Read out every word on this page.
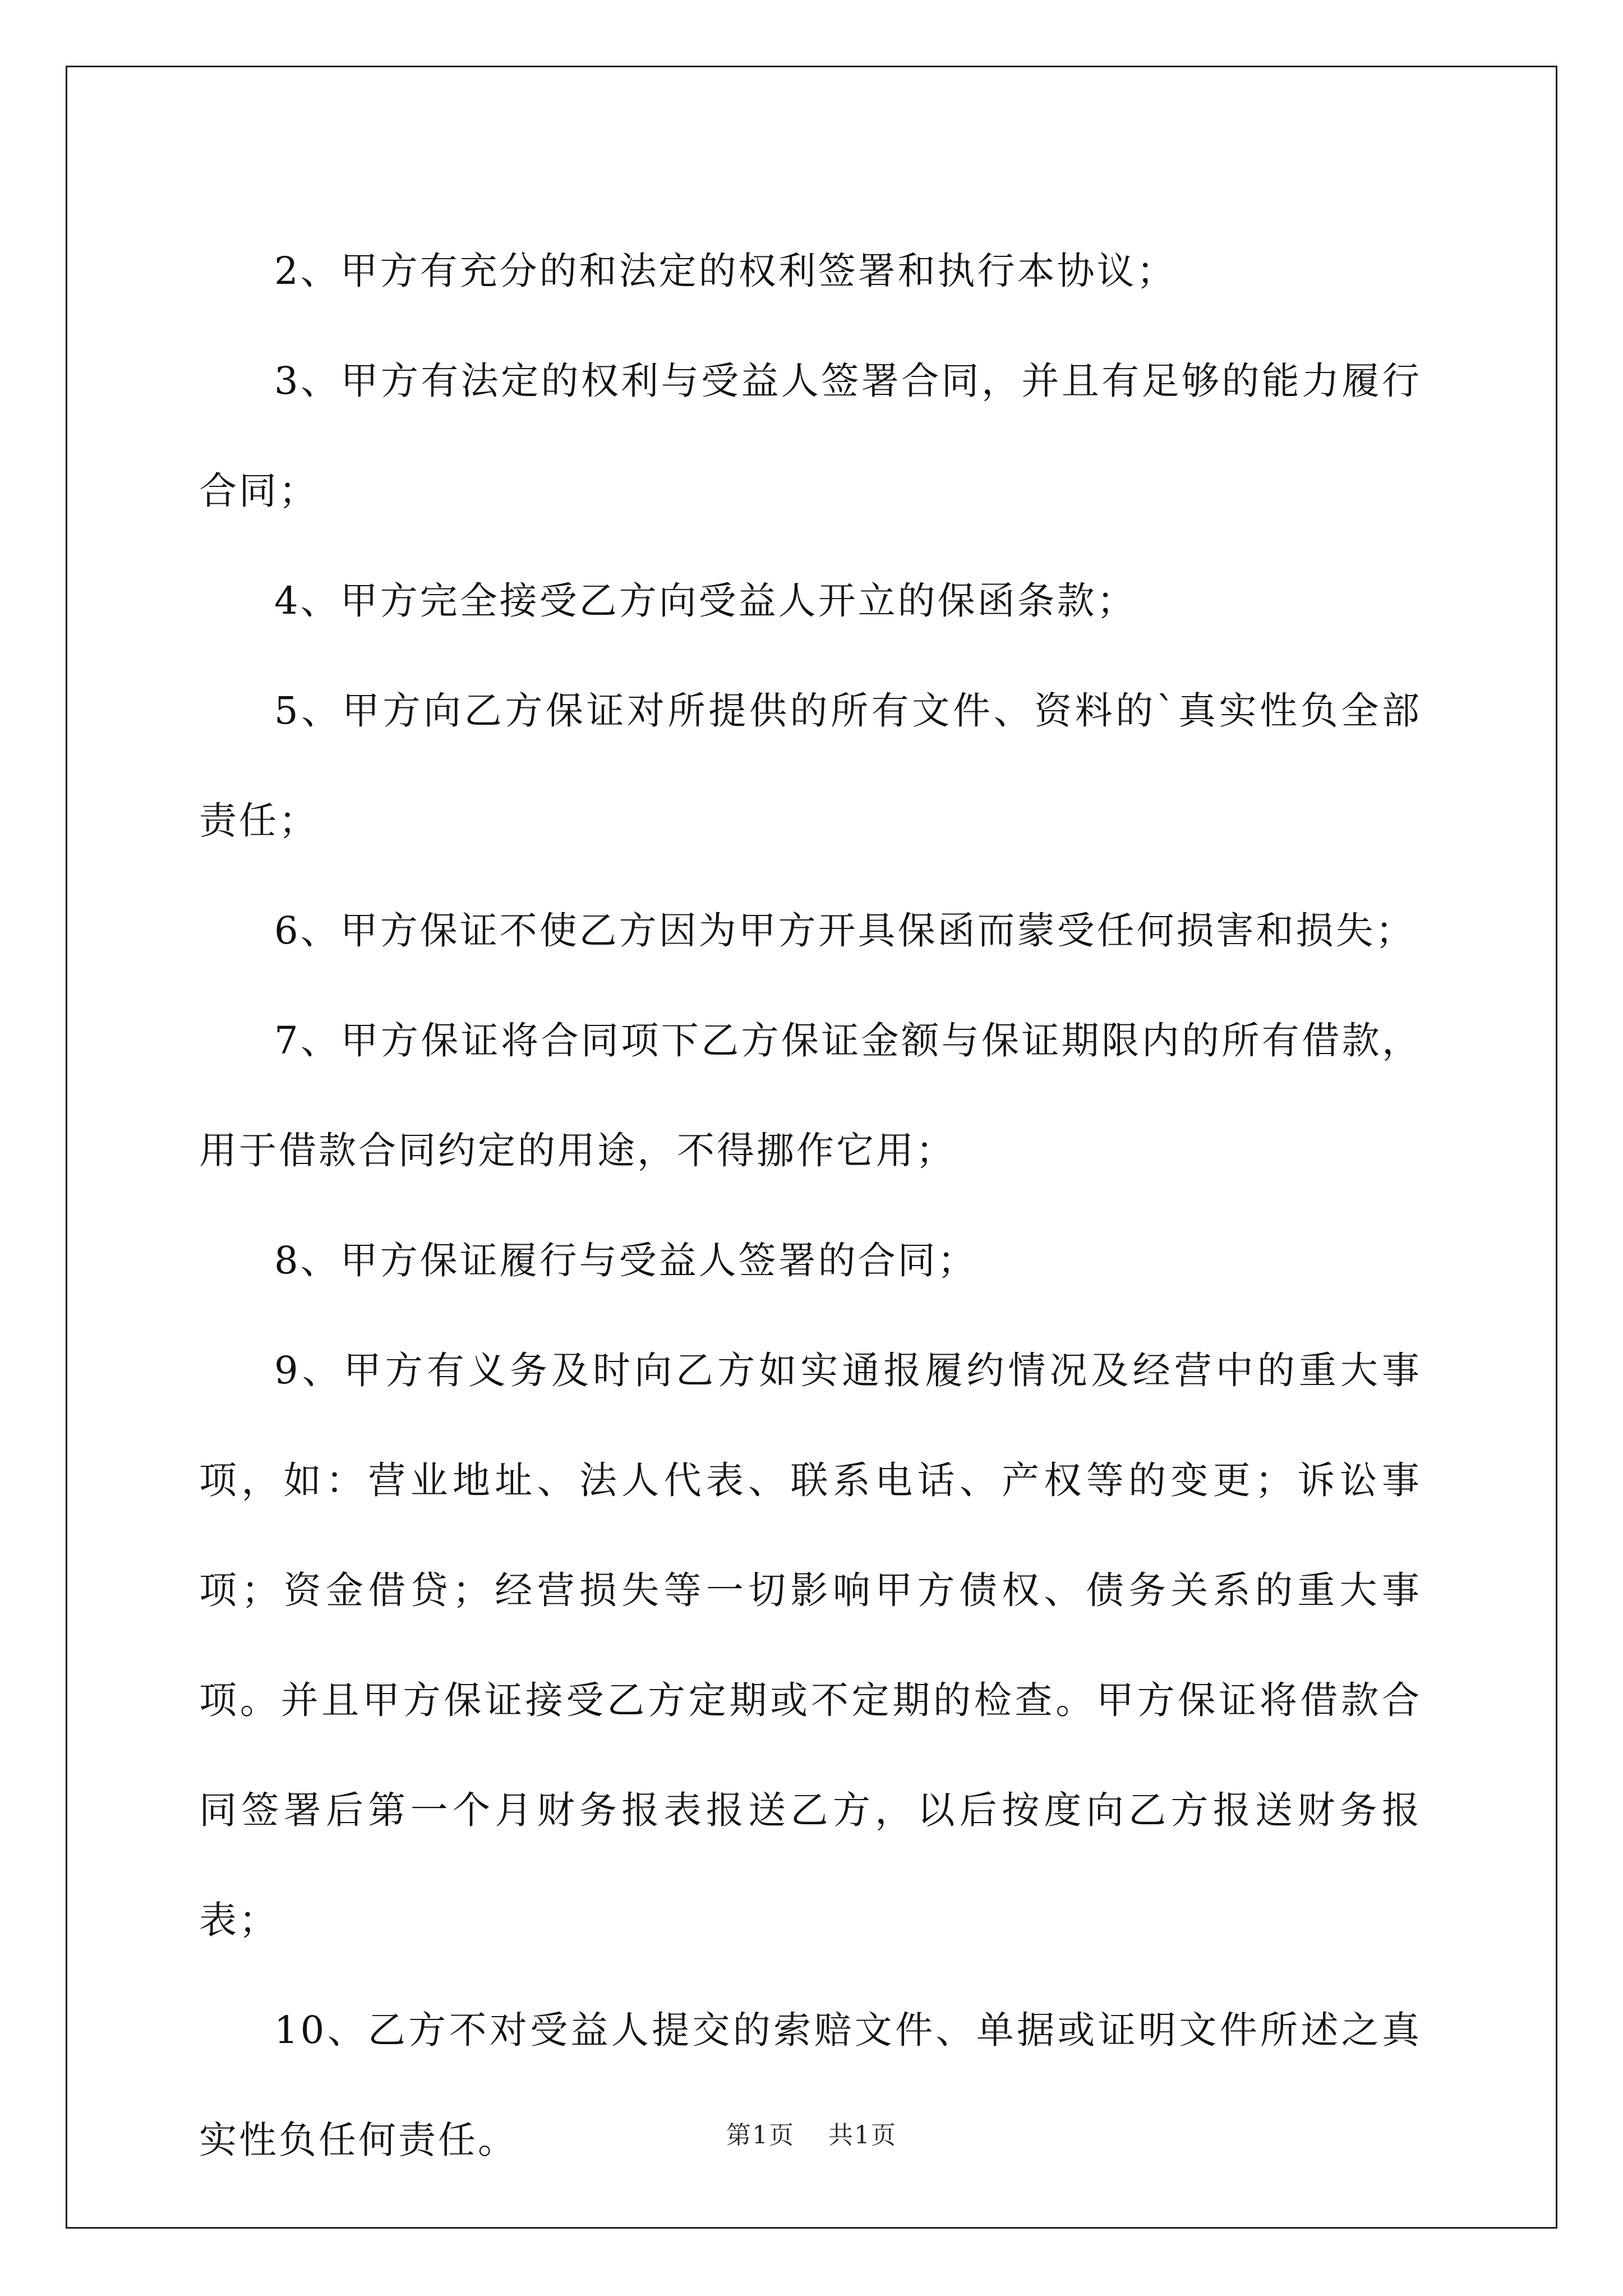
2、甲方有充分的和法定的权利签署和执行本协议；

3、甲方有法定的权利与受益人签署合同，并且有足够的能力履行合同；

4、甲方完全接受乙方向受益人开立的保函条款；

5、甲方向乙方保证对所提供的所有文件、资料的`真实性负全部责任；

6、甲方保证不使乙方因为甲方开具保函而蒙受任何损害和损失；

7、甲方保证将合同项下乙方保证金额与保证期限内的所有借款，用于借款合同约定的用途，不得挪作它用；

8、甲方保证履行与受益人签署的合同；

9、甲方有义务及时向乙方如实通报履约情况及经营中的重大事项，如：营业地址、法人代表、联系电话、产权等的变更；诉讼事项；资金借贷；经营损失等一切影响甲方债权、债务关系的重大事项。并且甲方保证接受乙方定期或不定期的检查。甲方保证将借款合同签署后第一个月财务报表报送乙方，以后按度向乙方报送财务报表；

10、乙方不对受益人提交的索赔文件、单据或证明文件所述之真实性负任何责任。	第1页 共1页
